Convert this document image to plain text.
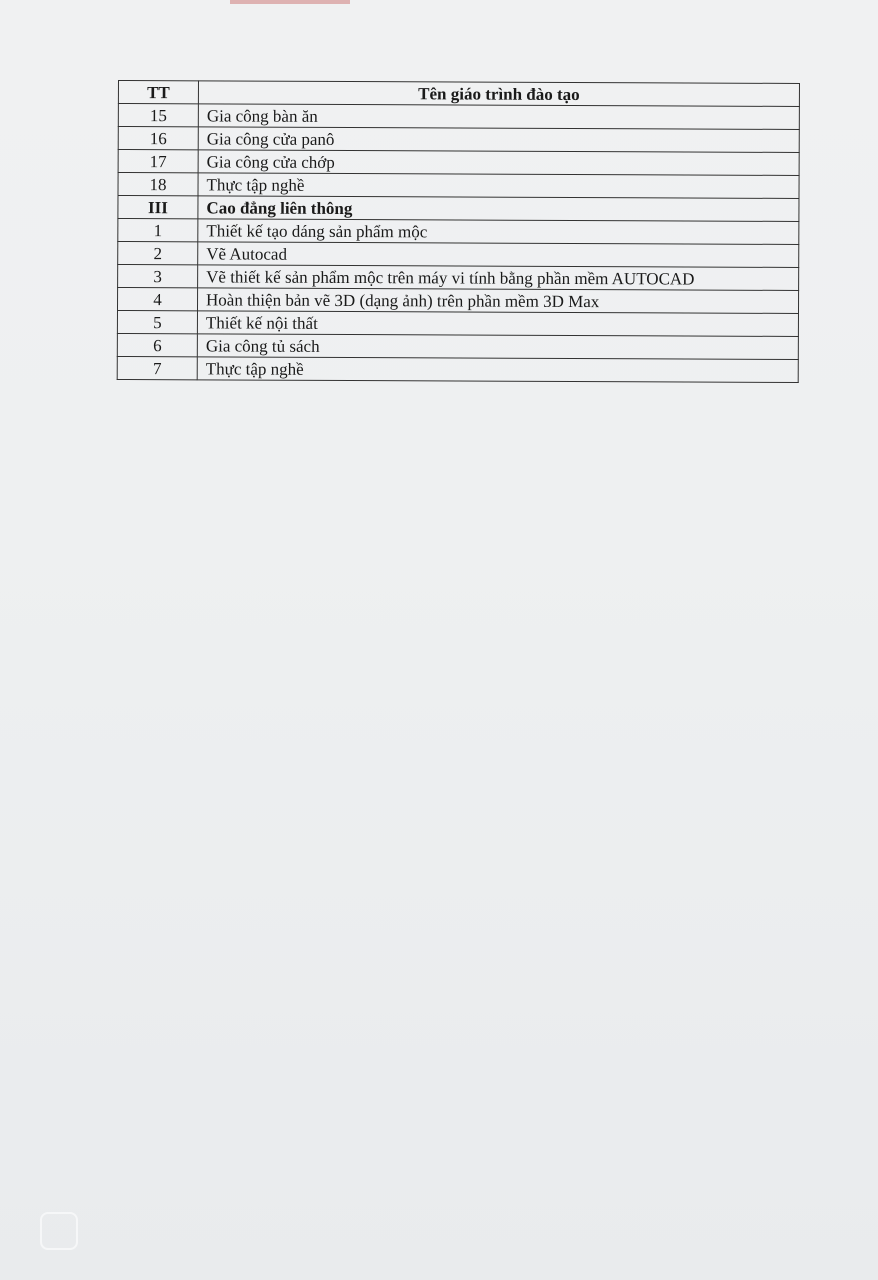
TT	Tên giáo trình đào tạo
15	Gia công bàn ăn
16	Gia công cửa panô
17	Gia công cửa chớp
18	Thực tập nghề
III	Cao đẳng liên thông
1	Thiết kế tạo dáng sản phẩm mộc
2	Vẽ Autocad
3	Vẽ thiết kế sản phẩm mộc trên máy vi tính bằng phần mềm AUTOCAD
4	Hoàn thiện bản vẽ 3D (dạng ảnh) trên phần mềm 3D Max
5	Thiết kế nội thất
6	Gia công tủ sách
7	Thực tập nghề
